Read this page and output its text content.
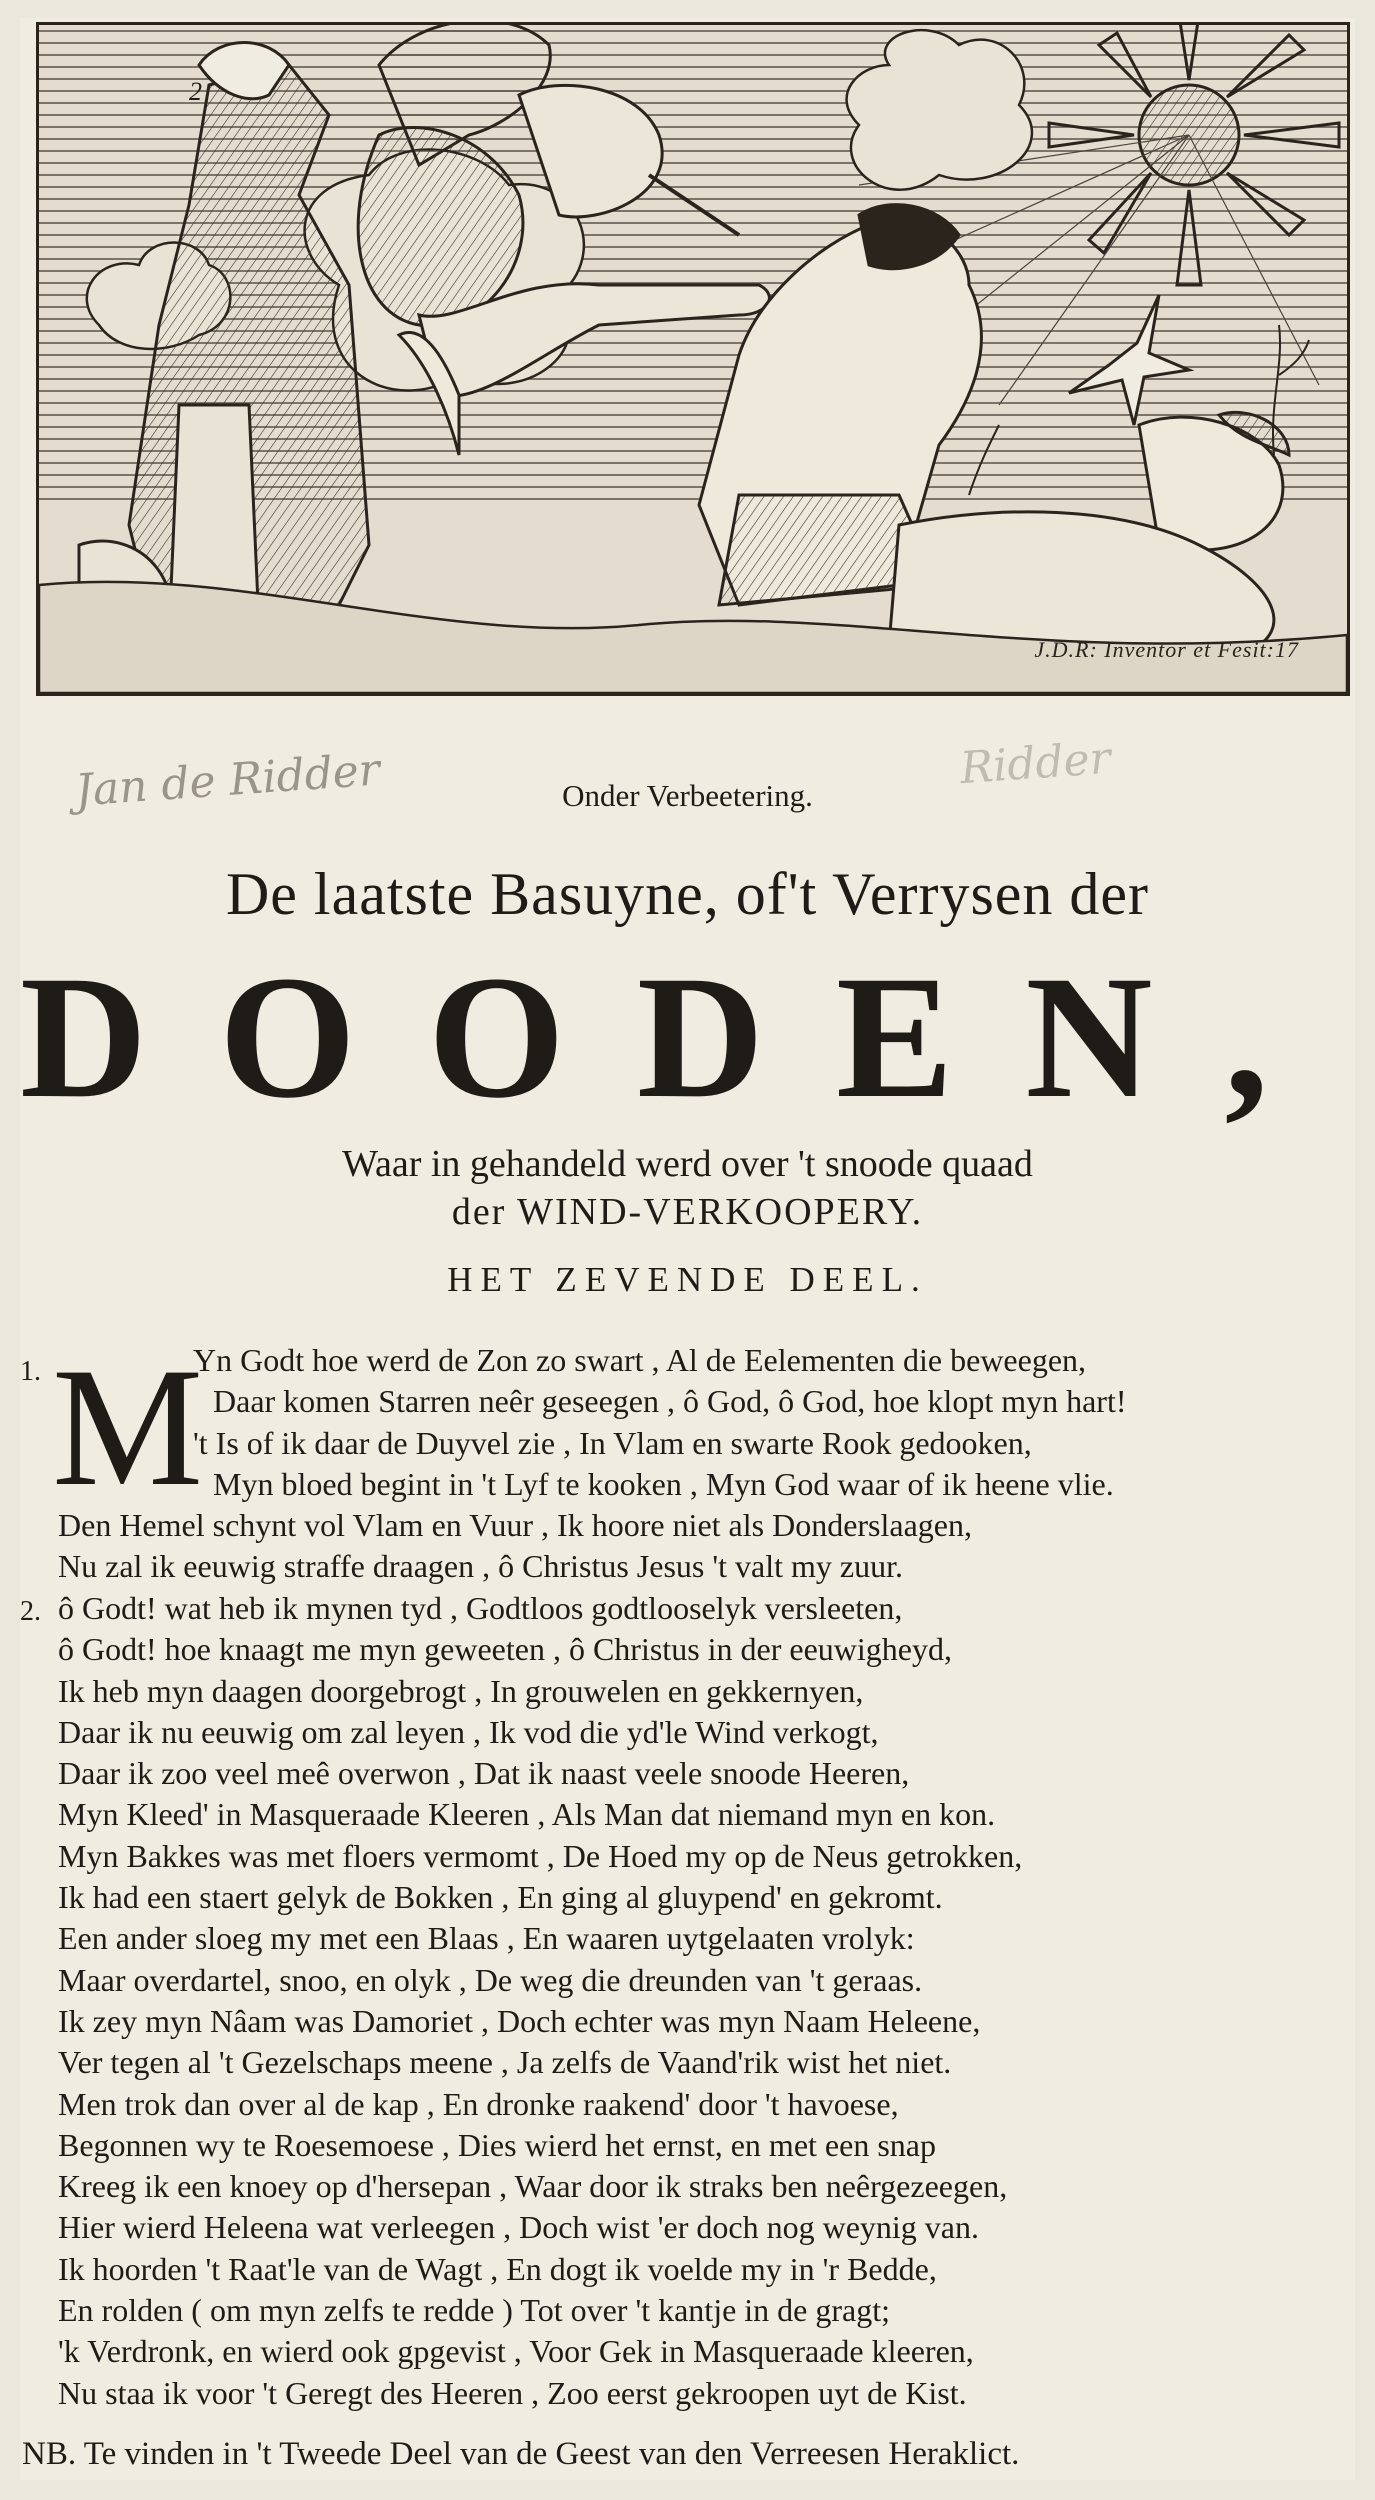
2
J.D.R: Inventor et Fesit:17
Jan de Ridder	Ridder
Onder Verbeetering.
De laatste Basuyne, of't Verrysen der
DOODEN,
Waar in gehandeld werd over 't snoode quaad
der WIND-VERKOOPERY.
HET ZEVENDE DEEL.
1. M
Yn Godt hoe werd de Zon zo swart , Al de Eelementen die beweegen,
Daar komen Starren neêr geseegen , ô God, ô God, hoe klopt myn hart!
't Is of ik daar de Duyvel zie , In Vlam en swarte Rook gedooken,
Myn bloed begint in 't Lyf te kooken , Myn God waar of ik heene vlie.
Den Hemel schynt vol Vlam en Vuur , Ik hoore niet als Donderslaagen,
Nu zal ik eeuwig straffe draagen , ô Christus Jesus 't valt my zuur.
2. ô Godt! wat heb ik mynen tyd , Godtloos godtlooselyk versleeten,
ô Godt! hoe knaagt me myn geweeten , ô Christus in der eeuwigheyd,
Ik heb myn daagen doorgebrogt , In grouwelen en gekkernyen,
Daar ik nu eeuwig om zal leyen , Ik vod die yd'le Wind verkogt,
Daar ik zoo veel meê overwon , Dat ik naast veele snoode Heeren,
Myn Kleed' in Masqueraade Kleeren , Als Man dat niemand myn en kon.
Myn Bakkes was met floers vermomt , De Hoed my op de Neus getrokken,
Ik had een staert gelyk de Bokken , En ging al gluypend' en gekromt.
Een ander sloeg my met een Blaas , En waaren uytgelaaten vrolyk:
Maar overdartel, snoo, en olyk , De weg die dreunden van 't geraas.
Ik zey myn Nâam was Damoriet , Doch echter was myn Naam Heleene,
Ver tegen al 't Gezelschaps meene , Ja zelfs de Vaand'rik wist het niet.
Men trok dan over al de kap , En dronke raakend' door 't havoese,
Begonnen wy te Roesemoese , Dies wierd het ernst, en met een snap
Kreeg ik een knoey op d'hersepan , Waar door ik straks ben neêrgezeegen,
Hier wierd Heleena wat verleegen , Doch wist 'er doch nog weynig van.
Ik hoorden 't Raat'le van de Wagt , En dogt ik voelde my in 'r Bedde,
En rolden ( om myn zelfs te redde ) Tot over 't kantje in de gragt;
'k Verdronk, en wierd ook gpgevist , Voor Gek in Masqueraade kleeren,
Nu staa ik voor 't Geregt des Heeren , Zoo eerst gekroopen uyt de Kist.
NB. Te vinden in 't Tweede Deel van de Geest van den Verreesen Heraklict.
